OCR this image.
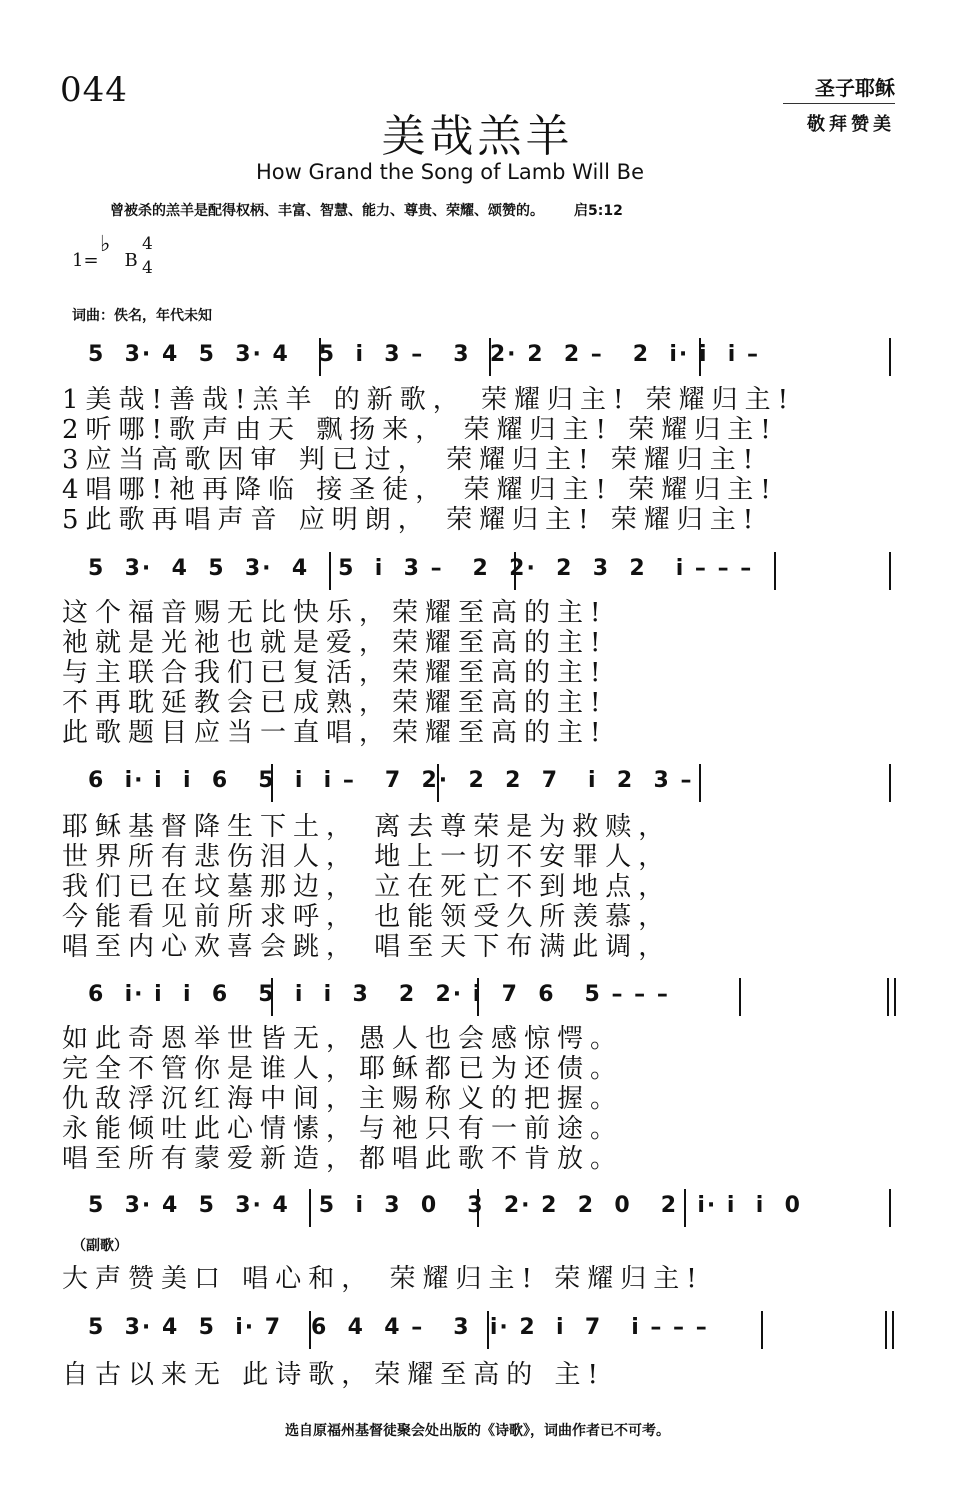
044	圣子耶稣
敬拜赞美
美哉羔羊
How Grand the Song of Lamb Will Be
曾被杀的羔羊是配得权柄、丰富、智慧、能力、尊贵、荣耀、颂赞的。 启5:12
1=
♭
B
4
4
词曲：佚名，年代未知
5  3· 4  5  3· 4   5  i  3 –   3  2· 2  2 –   2  i· i  i –
1美哉!善哉!羔羊 的新歌， 荣耀归主! 荣耀归主!
2听哪!歌声由天 飘扬来， 荣耀归主! 荣耀归主!
3应当高歌因审 判已过， 荣耀归主! 荣耀归主!
4唱哪!祂再降临 接圣徒， 荣耀归主! 荣耀归主!
5此歌再唱声音 应明朗， 荣耀归主! 荣耀归主!
5  3·  4  5  3·  4   5  i  3 –   2  2·  2  3  2   i – – –
这个福音赐无比快乐，荣耀至高的主!
祂就是光祂也就是爱，荣耀至高的主!
与主联合我们已复活，荣耀至高的主!
不再耽延教会已成熟，荣耀至高的主!
此歌题目应当一直唱，荣耀至高的主!
6  i· i  i  6   5  i  i –   7  2·  2  2  7   i  2  3 –
耶稣基督降生下土， 离去尊荣是为救赎，
世界所有悲伤泪人， 地上一切不安罪人，
我们已在坟墓那边， 立在死亡不到地点，
今能看见前所求呼， 也能领受久所羡慕，
唱至内心欢喜会跳， 唱至天下布满此调，
6  i· i  i  6   5  i  i  3   2  2· i  7  6   5 – – –
如此奇恩举世皆无，愚人也会感惊愕。
完全不管你是谁人，耶稣都已为还债。
仇敌浮沉红海中间，主赐称义的把握。
永能倾吐此心情愫，与祂只有一前途。
唱至所有蒙爱新造，都唱此歌不肯放。
5  3· 4  5  3· 4   5  i  3  0   3  2· 2  2  0   2  i· i  i  0
（副歌）
大声赞美口 唱心和， 荣耀归主! 荣耀归主!
5  3· 4  5  i· 7   6  4  4 –   3  i· 2  i  7   i – – –
自古以来无 此诗歌，荣耀至高的 主!
选自原福州基督徒聚会处出版的《诗歌》，词曲作者已不可考。
